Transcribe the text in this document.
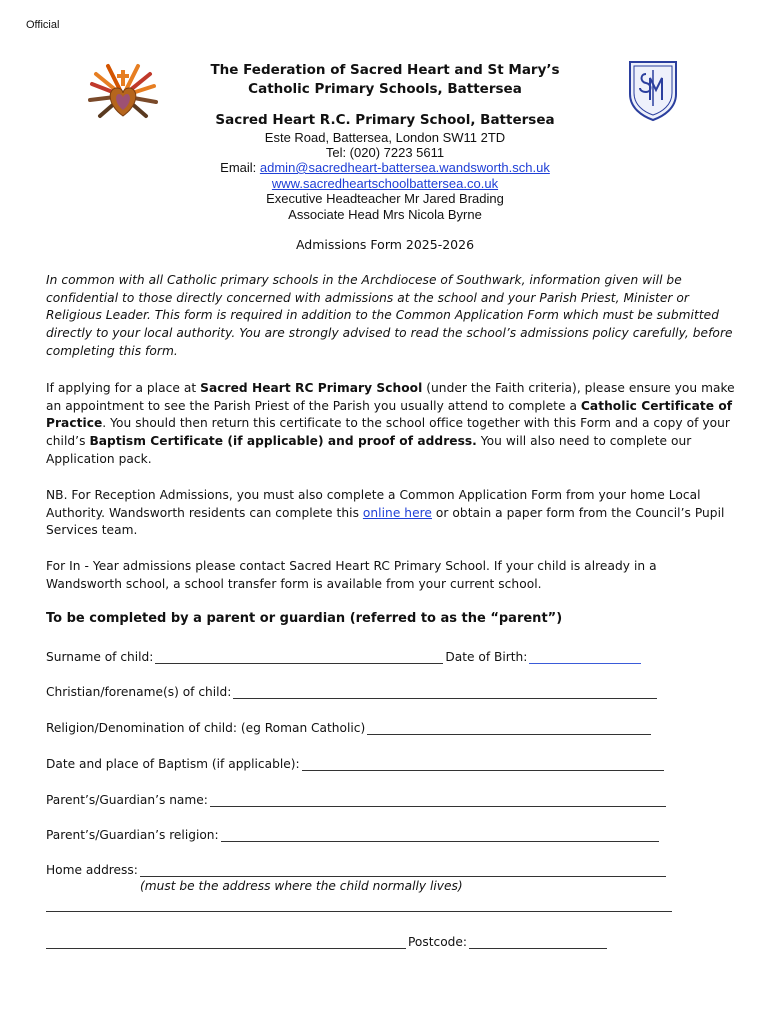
Official
The Federation of Sacred Heart and St Mary’s
Catholic Primary Schools, Battersea
Sacred Heart R.C. Primary School, Battersea
Este Road, Battersea, London SW11 2TD
Tel: (020) 7223 5611
Email: admin@sacredheart-battersea.wandsworth.sch.uk
www.sacredheartschoolbattersea.co.uk
Executive Headteacher Mr Jared Brading
Associate Head Mrs Nicola Byrne
Admissions Form 2025-2026
In common with all Catholic primary schools in the Archdiocese of Southwark, information given will be confidential to those directly concerned with admissions at the school and your Parish Priest, Minister or Religious Leader. This form is required in addition to the Common Application Form which must be submitted directly to your local authority. You are strongly advised to read the school’s admissions policy carefully, before completing this form.
If applying for a place at Sacred Heart RC Primary School (under the Faith criteria), please ensure you make an appointment to see the Parish Priest of the Parish you usually attend to complete a Catholic Certificate of Practice. You should then return this certificate to the school office together with this Form and a copy of your child’s Baptism Certificate (if applicable) and proof of address. You will also need to complete our Application pack.
NB. For Reception Admissions, you must also complete a Common Application Form from your home Local Authority. Wandsworth residents can complete this online here or obtain a paper form from the Council’s Pupil Services team.
For In - Year admissions please contact Sacred Heart RC Primary School. If your child is already in a Wandsworth school, a school transfer form is available from your current school.
To be completed by a parent or guardian (referred to as the “parent”)
Surname of child:	Date of Birth:
Christian/forename(s) of child:
Religion/Denomination of child: (eg Roman Catholic)
Date and place of Baptism (if applicable):
Parent’s/Guardian’s name:
Parent’s/Guardian’s religion:
Home address:
(must be the address where the child normally lives)
Postcode:
